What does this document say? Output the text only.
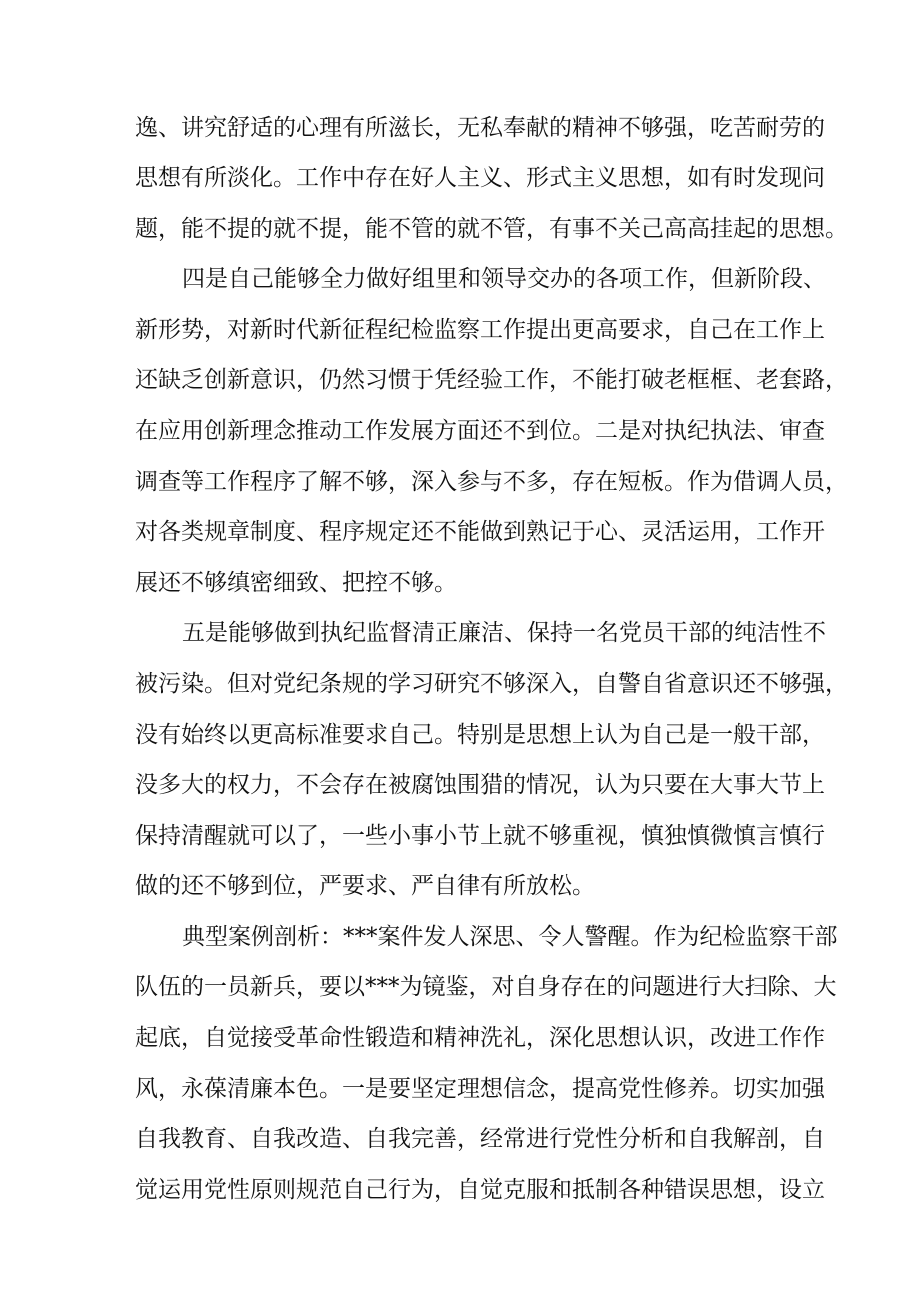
逸、讲究舒适的心理有所滋长，无私奉献的精神不够强，吃苦耐劳的
思想有所淡化。工作中存在好人主义、形式主义思想，如有时发现问
题，能不提的就不提，能不管的就不管，有事不关己高高挂起的思想。
四是自己能够全力做好组里和领导交办的各项工作，但新阶段、
新形势，对新时代新征程纪检监察工作提出更高要求，自己在工作上
还缺乏创新意识，仍然习惯于凭经验工作，不能打破老框框、老套路，
在应用创新理念推动工作发展方面还不到位。二是对执纪执法、审查
调查等工作程序了解不够，深入参与不多，存在短板。作为借调人员，
对各类规章制度、程序规定还不能做到熟记于心、灵活运用，工作开
展还不够缜密细致、把控不够。
五是能够做到执纪监督清正廉洁、保持一名党员干部的纯洁性不
被污染。但对党纪条规的学习研究不够深入，自警自省意识还不够强，
没有始终以更高标准要求自己。特别是思想上认为自己是一般干部，
没多大的权力，不会存在被腐蚀围猎的情况，认为只要在大事大节上
保持清醒就可以了，一些小事小节上就不够重视，慎独慎微慎言慎行
做的还不够到位，严要求、严自律有所放松。
典型案例剖析：***案件发人深思、令人警醒。作为纪检监察干部
队伍的一员新兵，要以***为镜鉴，对自身存在的问题进行大扫除、大
起底，自觉接受革命性锻造和精神洗礼，深化思想认识，改进工作作
风，永葆清廉本色。一是要坚定理想信念，提高党性修养。切实加强
自我教育、自我改造、自我完善，经常进行党性分析和自我解剖，自
觉运用党性原则规范自己行为，自觉克服和抵制各种错误思想，设立
